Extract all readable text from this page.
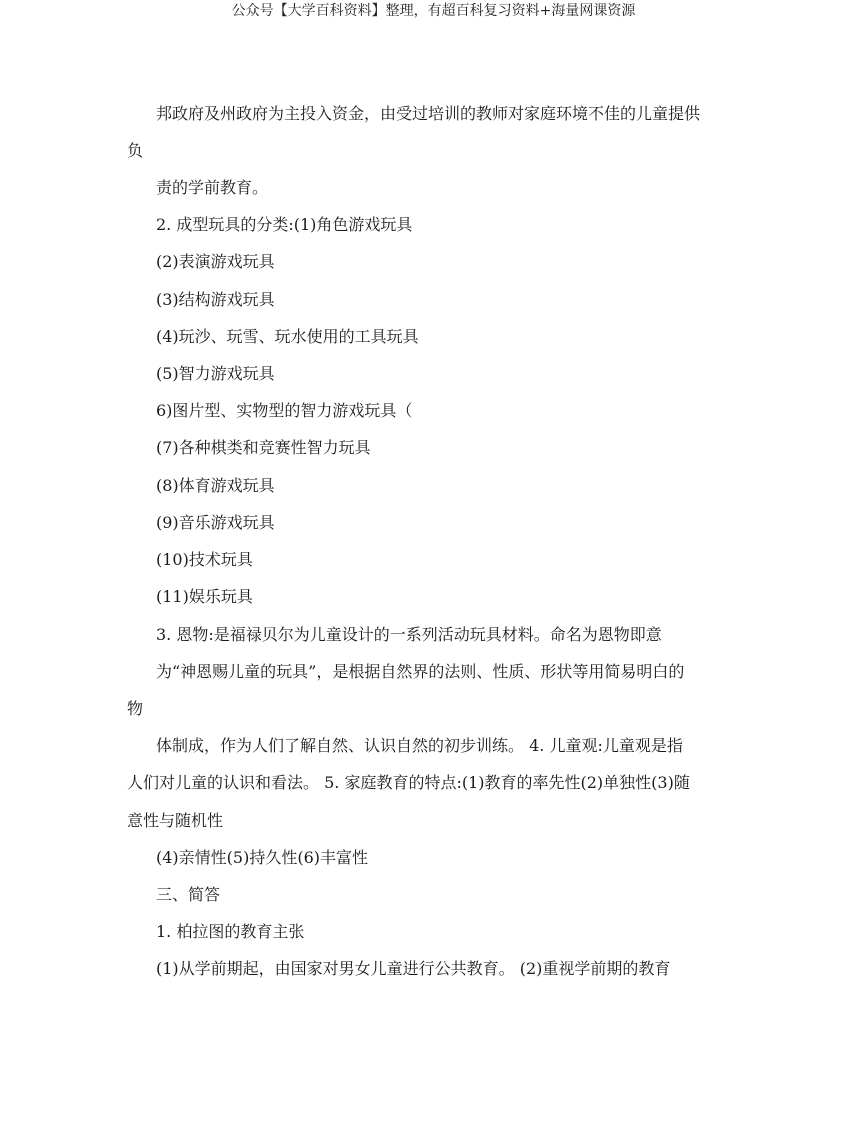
公众号【大学百科资料】整理，有超百科复习资料+海量网课资源
邦政府及州政府为主投入资金，由受过培训的教师对家庭环境不佳的儿童提供
负
责的学前教育。
2. 成型玩具的分类:(1)角色游戏玩具
(2)表演游戏玩具
(3)结构游戏玩具
(4)玩沙、玩雪、玩水使用的工具玩具
(5)智力游戏玩具
6)图片型、实物型的智力游戏玩具（
(7)各种棋类和竞赛性智力玩具
(8)体育游戏玩具
(9)音乐游戏玩具
(10)技术玩具
(11)娱乐玩具
3. 恩物:是福禄贝尔为儿童设计的一系列活动玩具材料。命名为恩物即意
为“神恩赐儿童的玩具”，是根据自然界的法则、性质、形状等用简易明白的
物
体制成，作为人们了解自然、认识自然的初步训练。 4. 儿童观:儿童观是指
人们对儿童的认识和看法。 5. 家庭教育的特点:(1)教育的率先性(2)单独性(3)随
意性与随机性
(4)亲情性(5)持久性(6)丰富性
三、简答
1. 柏拉图的教育主张
(1)从学前期起，由国家对男女儿童进行公共教育。 (2)重视学前期的教育
